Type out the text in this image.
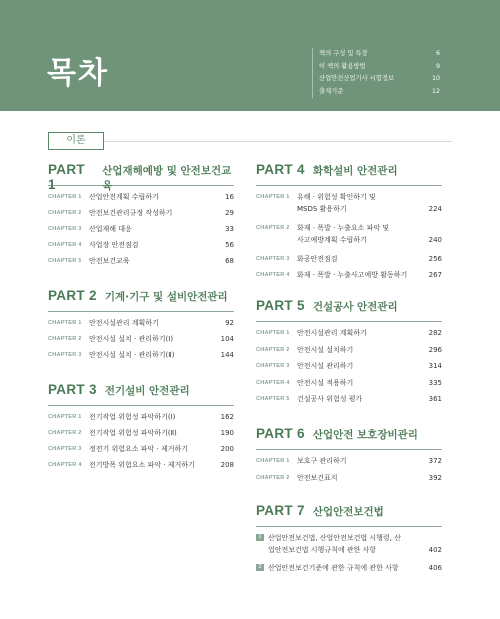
목차
책의 구성 및 특장	6
이 책의 활용방법	9
산업안전산업기사 시험정보	10
출제기준	12
이론
PART 1
산업재해예방 및 안전보건교육
CHAPTER 1	산업안전계획 수립하기	16
CHAPTER 2	안전보건관리규정 작성하기	29
CHAPTER 3	산업재해 대응	33
CHAPTER 4	사업장 안전점검	56
CHAPTER 5	안전보건교육	68
PART 2 기계·기구 및 설비안전관리
CHAPTER 1	안전시설관리 계획하기	92
CHAPTER 2	안전시설 설치 · 관리하기(Ⅰ)	104
CHAPTER 3	안전시설 설치 · 관리하기(Ⅱ)	144
PART 3 전기설비 안전관리
CHAPTER 1	전기작업 위험성 파악하기(Ⅰ)	162
CHAPTER 2	전기작업 위험성 파악하기(Ⅱ)	190
CHAPTER 3	정전기 위험요소 파악 · 제거하기	200
CHAPTER 4	전기방폭 위험요소 파악 · 제거하기	208
PART 4 화학설비 안전관리
CHAPTER 1	유해 · 위험성 확인하기 및 MSDS 활용하기	224
CHAPTER 2	화재 · 폭발 · 누출요소 파악 및 사고예방계획 수립하기	240
CHAPTER 3	화공안전점검	256
CHAPTER 4	화재 · 폭발 · 누출사고예방 활동하기	267
PART 5 건설공사 안전관리
CHAPTER 1	안전시설관리 계획하기	282
CHAPTER 2	안전시설 설치하기	296
CHAPTER 3	안전시설 관리하기	314
CHAPTER 4	안전시설 적용하기	335
CHAPTER 5	건설공사 위험성 평가	361
PART 6 산업안전 보호장비관리
CHAPTER 1	보호구 관리하기	372
CHAPTER 2	안전보건표지	392
PART 7 산업안전보건법
1 산업안전보건법, 산업안전보건법 시행령, 산업안전보건법 시행규칙에 관한 사항	402
2 산업안전보건기준에 관한 규칙에 관한 사항	406
